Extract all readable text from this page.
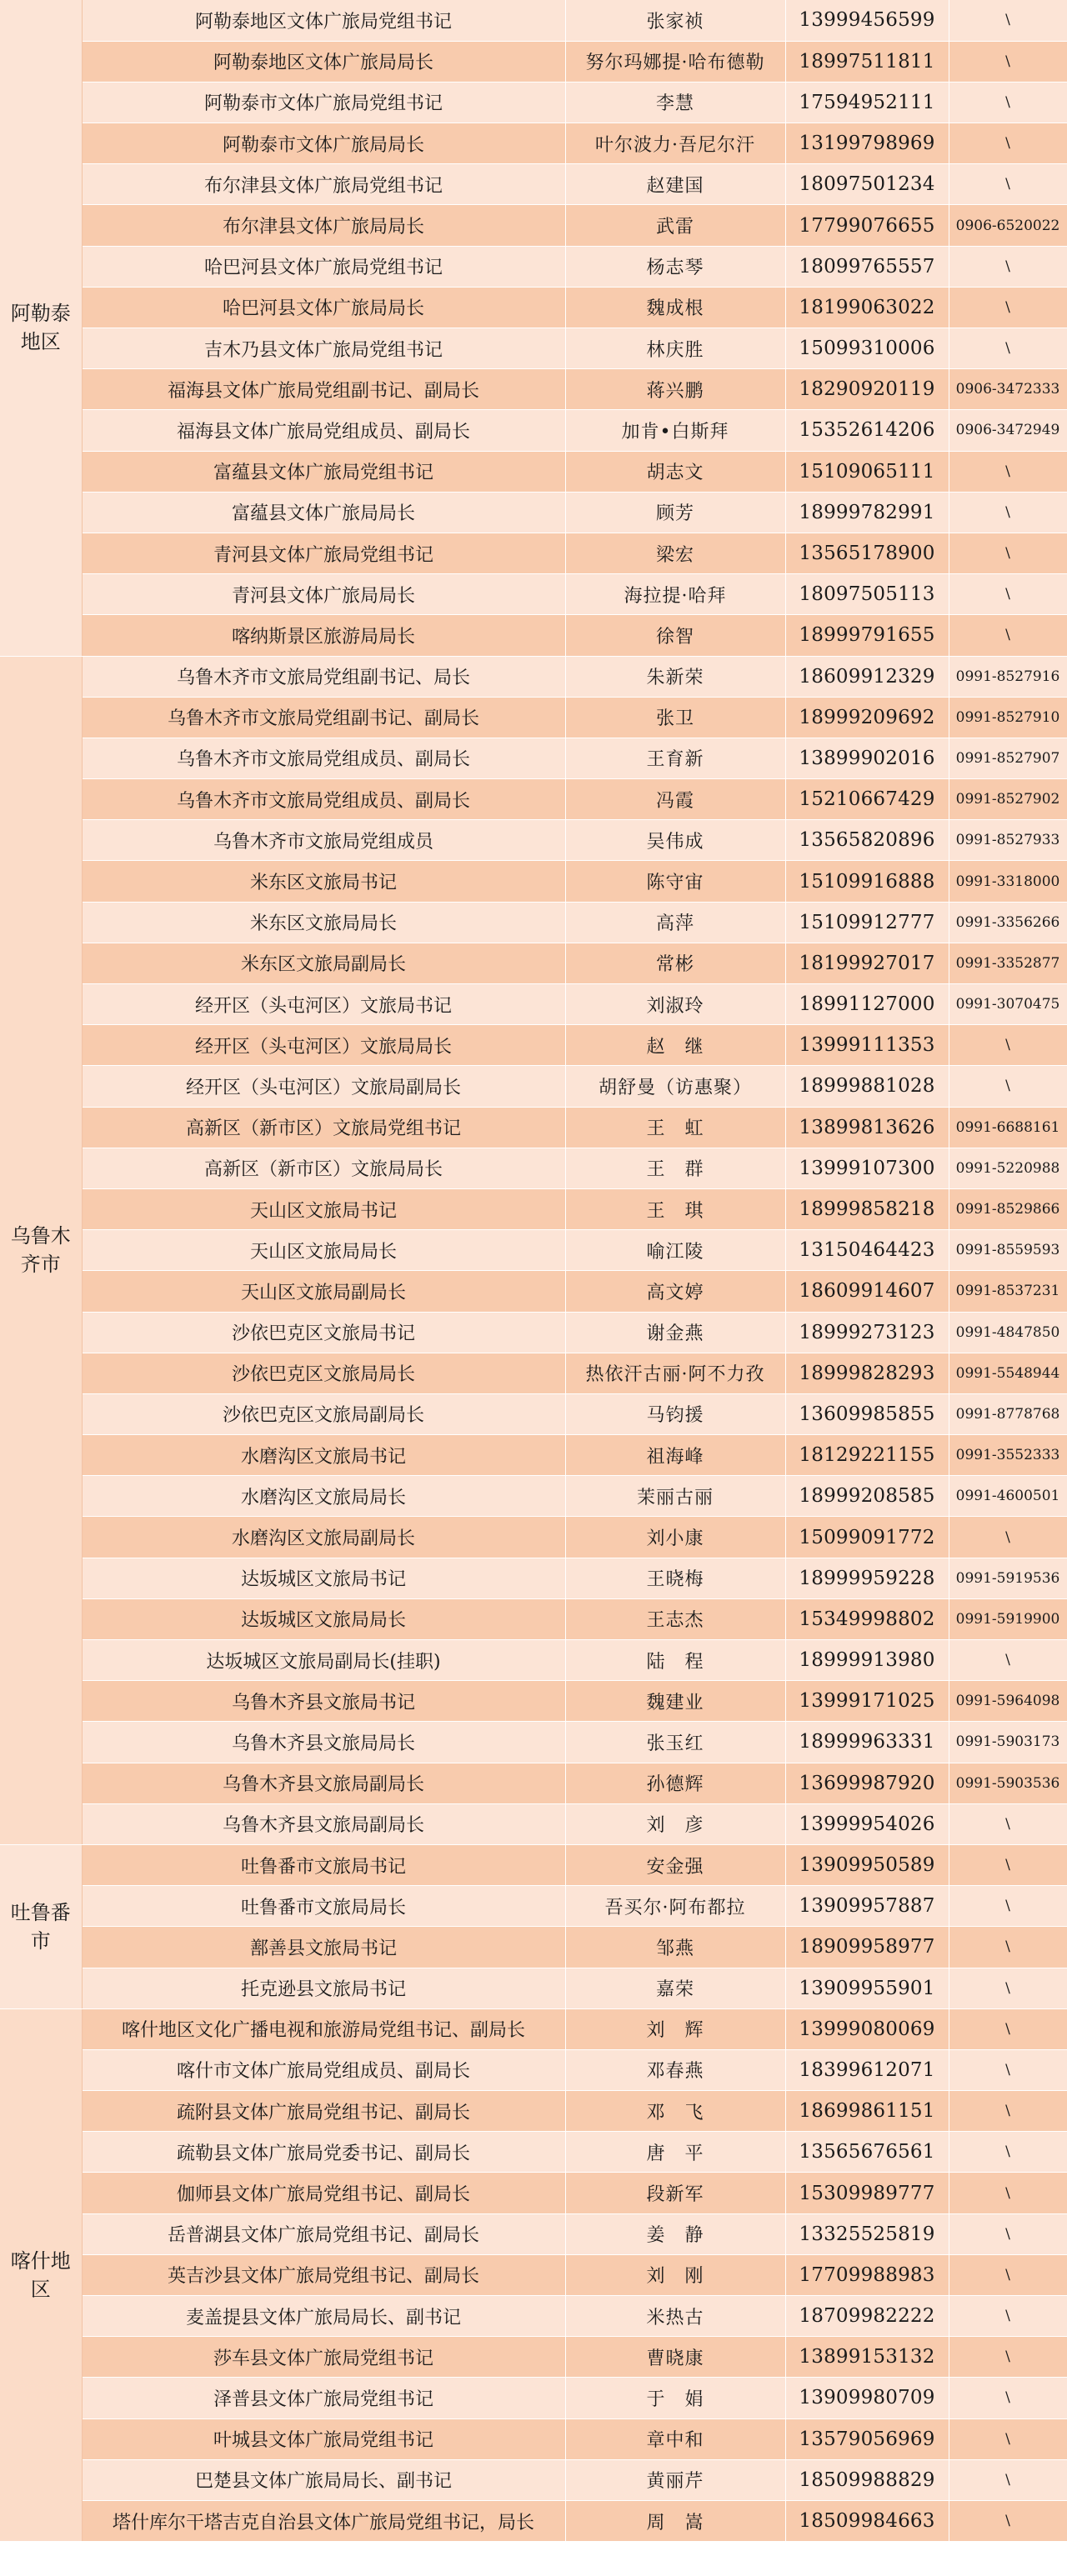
阿勒泰地区	阿勒泰地区文体广旅局党组书记	张家祯	13999456599	\
	阿勒泰地区文体广旅局局长	努尔玛娜提·哈布德勒	18997511811	\
	阿勒泰市文体广旅局党组书记	李慧	17594952111	\
	阿勒泰市文体广旅局局长	叶尔波力·吾尼尔汗	13199798969	\
	布尔津县文体广旅局党组书记	赵建国	18097501234	\
	布尔津县文体广旅局局长	武雷	17799076655	0906-6520022
	哈巴河县文体广旅局党组书记	杨志琴	18099765557	\
	哈巴河县文体广旅局局长	魏成根	18199063022	\
	吉木乃县文体广旅局党组书记	林庆胜	15099310006	\
	福海县文体广旅局党组副书记、副局长	蒋兴鹏	18290920119	0906-3472333
	福海县文体广旅局党组成员、副局长	加肯•白斯拜	15352614206	0906-3472949
	富蕴县文体广旅局党组书记	胡志文	15109065111	\
	富蕴县文体广旅局局长	顾芳	18999782991	\
	青河县文体广旅局党组书记	梁宏	13565178900	\
	青河县文体广旅局局长	海拉提·哈拜	18097505113	\
	喀纳斯景区旅游局局长	徐智	18999791655	\
乌鲁木齐市	乌鲁木齐市文旅局党组副书记、局长	朱新荣	18609912329	0991-8527916
	乌鲁木齐市文旅局党组副书记、副局长	张卫	18999209692	0991-8527910
	乌鲁木齐市文旅局党组成员、副局长	王育新	13899902016	0991-8527907
	乌鲁木齐市文旅局党组成员、副局长	冯霞	15210667429	0991-8527902
	乌鲁木齐市文旅局党组成员	吴伟成	13565820896	0991-8527933
	米东区文旅局书记	陈守宙	15109916888	0991-3318000
	米东区文旅局局长	高萍	15109912777	0991-3356266
	米东区文旅局副局长	常彬	18199927017	0991-3352877
	经开区（头屯河区）文旅局书记	刘淑玲	18991127000	0991-3070475
	经开区（头屯河区）文旅局局长	赵　继	13999111353	\
	经开区（头屯河区）文旅局副局长	胡舒曼（访惠聚）	18999881028	\
	高新区（新市区）文旅局党组书记	王　虹	13899813626	0991-6688161
	高新区（新市区）文旅局局长	王　群	13999107300	0991-5220988
	天山区文旅局书记	王　琪	18999858218	0991-8529866
	天山区文旅局局长	喻江陵	13150464423	0991-8559593
	天山区文旅局副局长	高文婷	18609914607	0991-8537231
	沙依巴克区文旅局书记	谢金燕	18999273123	0991-4847850
	沙依巴克区文旅局局长	热依汗古丽·阿不力孜	18999828293	0991-5548944
	沙依巴克区文旅局副局长	马钧援	13609985855	0991-8778768
	水磨沟区文旅局书记	祖海峰	18129221155	0991-3552333
	水磨沟区文旅局局长	茉丽古丽	18999208585	0991-4600501
	水磨沟区文旅局副局长	刘小康	15099091772	\
	达坂城区文旅局书记	王晓梅	18999959228	0991-5919536
	达坂城区文旅局局长	王志杰	15349998802	0991-5919900
	达坂城区文旅局副局长(挂职)	陆　程	18999913980	\
	乌鲁木齐县文旅局书记	魏建业	13999171025	0991-5964098
	乌鲁木齐县文旅局局长	张玉红	18999963331	0991-5903173
	乌鲁木齐县文旅局副局长	孙德辉	13699987920	0991-5903536
	乌鲁木齐县文旅局副局长	刘　彦	13999954026	\
吐鲁番市	吐鲁番市文旅局书记	安金强	13909950589	\
	吐鲁番市文旅局局长	吾买尔·阿布都拉	13909957887	\
	鄯善县文旅局书记	邹燕	18909958977	\
	托克逊县文旅局书记	嘉荣	13909955901	\
喀什地区	喀什地区文化广播电视和旅游局党组书记、副局长	刘　辉	13999080069	\
	喀什市文体广旅局党组成员、副局长	邓春燕	18399612071	\
	疏附县文体广旅局党组书记、副局长	邓　飞	18699861151	\
	疏勒县文体广旅局党委书记、副局长	唐　平	13565676561	\
	伽师县文体广旅局党组书记、副局长	段新军	15309989777	\
	岳普湖县文体广旅局党组书记、副局长	姜　静	13325525819	\
	英吉沙县文体广旅局党组书记、副局长	刘　刚	17709988983	\
	麦盖提县文体广旅局局长、副书记	米热古	18709982222	\
	莎车县文体广旅局党组书记	曹晓康	13899153132	\
	泽普县文体广旅局党组书记	于　娟	13909980709	\
	叶城县文体广旅局党组书记	章中和	13579056969	\
	巴楚县文体广旅局局长、副书记	黄丽芹	18509988829	\
	塔什库尔干塔吉克自治县文体广旅局党组书记，局长	周　嵩	18509984663	\
